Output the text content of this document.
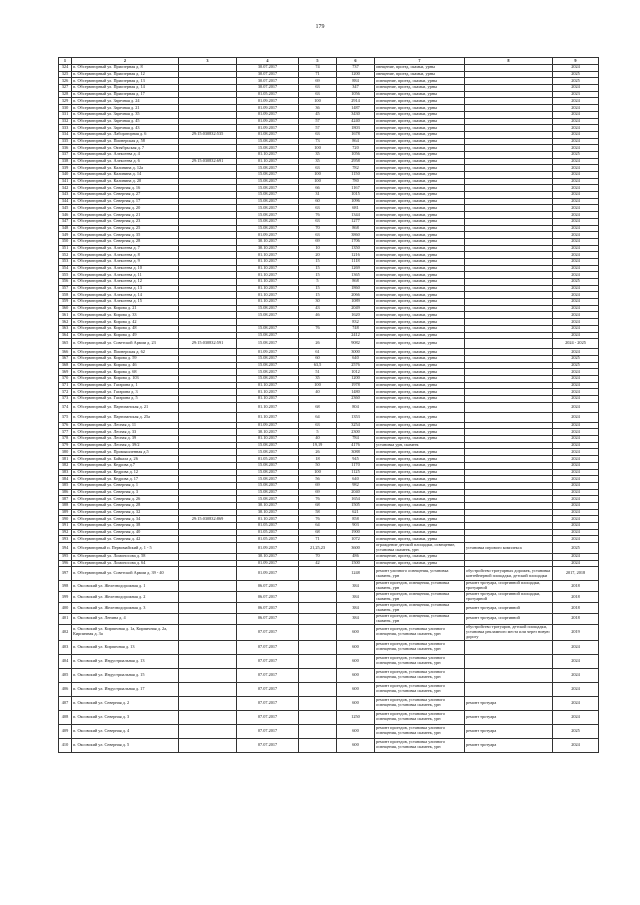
179
1	2	3	4	5	6	7	8	9
324	п. Обсерваторный ул. Приозерная д. 8		30.07.2017	74	737	овещение, проезд, скамьи, урны		2024
325	п. Обсерваторный ул. Приозерная д. 12		30.07.2017	71	1200	овещение, проезд, скамьи, урны		2025
326	п. Обсерваторный ул. Приозерная д. 13		30.07.2017	69	884	освещение, проезд, скамьи, урны		2025
327	п. Обсерваторный ул. Приозерная д. 14		30.07.2017	63	347	освещение, проезд, скамьи, урны		2024
328	п. Обсерваторный ул. Приозерная д. 17		01.05.2017	63	1056	освещение, проезд, скамьи, урны		2023
329	п. Обсерваторный ул. Заречная д. 24		01.09.2017	100	2914	освещение, проезд, скамьи, урны		2024
330	п. Обсерваторный ул. Заречная д. 21		01.09.2017	36	1487	освещение, проезд, скамьи, урны		2024
331	п. Обсерваторный ул. Заречная д. 35		01.09.2017	45	3430	освещение, проезд, скамьи, урны		2024
332	п. Обсерваторный ул. Заречная д. 45		01.09.2017	57	4240	освещение, проезд, скамьи, урны		2024
333	п. Обсерваторный ул. Заречная д. 43		01.09.2017	57	1803	освещение, проезд, скамьи, урны		2024
334	п. Обсерваторный ул. Лабораторная д. 6	29:15:030832:535	01.08.2017	63	1678	освещение, проезд, скамьи, урны		2024
335	п. Обсерваторный ул. Пионерская д. 58		15.08.2017	73	864	освещение, проезд, скамьи, урны		2024
336	п. Обсерваторный ул. Октябрьская д. 7		15.08.2017	100	720	освещение, проезд, скамьи, урны		2024
337	п. Обсерваторный ул. Алексеева д. 4		01.10.2017	35	1056	освещение, проезд, скамьи, урны		2025
338	п. Обсерваторный ул. Алексеева д. 6	29:15:030832:691	01.10.2017	35	2958	освещение, проезд, скамьи, урны		2024
339	п. Обсерваторный ул. Калинина д. 12а		15.08.2017	63	782	освещение, проезд, скамьи, урны		2024
340	п. Обсерваторный ул. Калинина д. 14		15.08.2017	100	1150	освещение, проезд, скамьи, урны		2024
341	п. Обсерваторный ул. Калинина д. 20		15.08.2017	100	780	освещение, проезд, скамьи, урны		2024
342	п. Обсерваторный ул. Северная д. 16		15.08.2017	66	1167	освещение, проезд, скамьи, урны		2024
343	п. Обсерваторный ул. Северная д. 27		15.08.2017	31	1015	освещение, проезд, скамьи, урны		2024
344	п. Обсерваторный ул. Северная д. 17		15.08.2017	60	1096	освещение, проезд, скамьи, урны		2024
345	п. Обсерваторный ул. Северная д. 20		15.08.2017	63	681	освещение, проезд, скамьи, урны		2024
346	п. Обсерваторный ул. Северная д. 21		15.08.2017	76	1344	освещение, проезд, скамьи, урны		2024
347	п. Обсерваторный ул. Северная д. 23		15.08.2017	63	1277	освещение, проезд, скамьи, урны		2024
348	п. Обсерваторный ул. Северная д. 25		15.08.2017	70	868	освещение, проезд, скамьи, урны		2024
349	п. Обсерваторный ул. Северная д. 35		01.09.2017	63	3860	освещение, проезд, скамьи, урны		2024
350	п. Обсерваторный ул. Северная д. 28		30.10.2017	69	1706	освещение, проезд, скамьи, урны		2024
351	п. Обсерваторный ул. Алексеева д. 7		30.10.2017	10	1350	освещение, проезд, скамьи, урны		2024
352	п. Обсерваторный ул. Алексеева д. 8		01.10.2017	20	1216	освещение, проезд, скамьи, урны		2024
353	п. Обсерваторный ул. Алексеева д. 9		01.10.2017	15	1118	освещение, проезд, скамьи, урны		2024
354	п. Обсерваторный ул. Алексеева д. 10		01.10.2017	15	1269	освещение, проезд, скамьи, урны		2024
355	п. Обсерваторный ул. Алексеева д. 11		01.10.2017	15	1365	освещение, проезд, скамьи, урны		2024
356	п. Обсерваторный ул. Алексеева д. 12		01.10.2017	5	868	освещение, проезд, скамьи, урны		2025
357	п. Обсерваторный ул. Алексеева д. 13		01.10.2017	15	1860	освещение, проезд, скамьи, урны		2024
358	п. Обсерваторный ул. Алексеева д. 14		01.10.2017	15	2066	освещение, проезд, скамьи, урны		2024
359	п. Обсерваторный ул. Алексеева д. 15		01.10.2017	30	1089	освещение, проезд, скамьи, урны		2024
360	п. Обсерваторный ул. Кирова д. 21		15.08.2017	43	2049	освещение, проезд, скамьи, урны		2024
361	п. Обсерваторный ул. Кирова д. 33		15.08.2017	46	1620	освещение, проезд, скамьи, урны		2024
362	п. Обсерваторный ул. Кирова д. 42				832	освещение, проезд, скамьи, урны		2024
363	п. Обсерваторный ул. Кирова д. 48		15.08.2017	76	748	освещение, проезд, скамьи, урны		2024
364	п. Обсерваторный ул. Кирова д. 49		15.08.2017		2412	освещение, проезд, скамьи, урны		2024
365	п. Обсерваторный ул. Советской Армии д. 23	29:15:030832:591	15.08.2017	26	9082	освещение, проезд, скамьи, урны		2024 - 2025
366	п. Обсерваторный ул. Пионерская д. 62		01.09.2017	61	3000	освещение, проезд, скамьи, урны		2024
367	п. Обсерваторный ул. Кирова д. 59		15.08.2017	60	640	освещение, проезд, скамьи, урны		2025
368	п. Обсерваторный ул. Кирова д. 46		15.08.2017	63,5	2576	освещение, проезд, скамьи, урны		2025
369	п. Обсерваторный ул. Кирова д. 68		15.08.2017	51	1012	освещение, проезд, скамьи, урны		2024
370	п. Обсерваторный ул. Кирова д. 103		15.08.2017	35	1200	освещение, проезд, скамьи, урны		2024
371	п. Обсерваторный ул. Гагарина д. 1		01.10.2017	100	1978	освещение, проезд, скамьи, урны		2024
372	п. Обсерваторный ул. Гагарина д. 3		01.10.2017	40	1480	освещение, проезд, скамьи, урны		2024
373	п. Обсерваторный ул. Гагарина д. 5		01.10.2017		2360	освещение, проезд, скамьи, урны		2024
374	п. Обсерваторный ул. Партизанская д. 21		01.10.2017	68	804	освещение, проезд, скамьи, урны		2024
375	п. Обсерваторный ул. Партизанская д. 25а		01.10.2017	64	1353	освещение, проезд, скамьи, урны		2024
376	п. Обсерваторный ул. Лесная д. 11		01.09.2017	63	3254	освещение, проезд, скамьи, урны		2024
377	п. Обсерваторный ул. Лесная д. 33		30.10.2017	5	2300	освещение, проезд, скамьи, урны		2024
378	п. Обсерваторный ул. Лесная д. 39		01.10.2017	40	784	освещение, проезд, скамьи, урны		2024
379	п. Обсерваторный ул. Лесная д. 39/2		15.08.2017	19,19	4176	установка урн, скамеек		2024
380	п. Обсерваторный ул. Промышленная д.5		15.08.2017	26	3088	освещение, проезд, скамьи, урны		2024
381	п. Обсерваторный ул. Байкала д. 26		01.05.2017	18	945	освещение, проезд, скамьи, урны		2024
382	п. Обсерваторный ул. Кедрова д.7		15.08.2017	50	1170	освещение, проезд, скамьи, урны		2024
383	п. Обсерваторный ул. Кедрова д. 12		15.08.2017	100	1125	освещение, проезд, скамьи, урны		2024
384	п. Обсерваторный ул. Кедрова д. 17		15.08.2017	56	640	освещение, проезд, скамьи, урны		2024
385	п. Обсерваторный ул. Северная д. 1		15.08.2017	69	982	освещение, проезд, скамьи, урны		2024
386	п. Обсерваторный ул. Северная д. 3		15.08.2017	69	2040	освещение, проезд, скамьи, урны		2024
387	п. Обсерваторный ул. Северная д. 26		15.08.2017	76	1654	освещение, проезд, скамьи, урны		2024
388	п. Обсерваторный ул. Северная д. 28		30.10.2017	68	1505	освещение, проезд, скамьи, урны		2024
389	п. Обсерваторный ул. Северная д. 32		30.10.2017	58	621	освещение, проезд, скамьи, урны		2024
390	п. Обсерваторный ул. Северная д. 34	29:15:030832:869	01.10.2017	76	858	освещение, проезд, скамьи, урны		2024
391	п. Обсерваторный ул. Северная д. 38		01.05.2017	64	903	освещение, проезд, скамьи, урны		2024
392	п. Обсерваторный ул. Северная д. 40		01.05.2017	68	1900	освещение, проезд, скамьи, урны		2024
393	п. Обсерваторный ул. Северная д. 42		01.05.2017	71	1072	освещение, проезд, скамьи, урны		2024
394	п. Обсерваторный п. Первомайский д. 1 - 5		01.09.2017	21,25,23	3600	ограждение детской площадки, освещение, установка скамеек, урн	установка игрового комплекса	2025
395	п. Обсерваторный ул. Ломоносова д. 58		30.10.2017	70	486	освещение, проезд, скамьи, урны		2024
396	п. Обсерваторный ул. Ломоносова д. 64		01.09.2017	42	1500	освещение, проезд, скамьи, урны		2024
397	п. Обсерваторный ул. Советской Армии д. 39 - 40		01.09.2017		1248	ремонт уличного освещения, установка скамеек, урн	обустройство тротуарных дорожек, установка контейнерной площадки, детский площадки	2017, 2018
398	п. Оксовский ул. Железнодорожная д. 1		06.07.2017		384	ремонт проездов, освещения, установка скамеек, урн	ремонт тротуара, спортивной площадки, тротуарной	2018
399	п. Оксовский ул. Железнодорожная д. 2		06.07.2017		384	ремонт проездов, освещения, установка скамеек, урн	ремонт тротуара, спортивной площадки, тротуарной	2018
400	п. Оксовский ул. Железнодорожная д. 3		06.07.2017		384	ремонт проездов, освещения, установка скамеек, урн	ремонт тротуара, спортивной	2018
401	п. Оксовский ул. Ленина д. 4		06.07.2017		384	ремонт проездов, освещения, установка скамеек, урн	ремонт тротуара, спортивной	2018
402	п. Оксовский ул. Кирпичная д. 1а, Кирпичная д. 2а, Кирпичная д. 3а		07.07.2017		600	ремонт проездов, установка уличного освещения, установка скамеек, урн	обустройство тротуаров, детской площадки, установка рекламного места или через новую дорогу	2019
403	п. Оксовский ул. Кирпичная д. 13		07.07.2017		600	ремонт проездов, установка уличного освещения, установка скамеек, урн		2024
404	п. Оксовский ул. Индустриальная д. 13		07.07.2017		600	ремонт проездов, установка уличного освещения, установка скамеек, урн		2024
405	п. Оксовский ул. Индустриальная д. 15		07.07.2017		600	ремонт проездов, установка уличного освещения, установка скамеек, урн		2024
406	п. Оксовский ул. Индустриальная д. 17		07.07.2017		600	ремонт проездов, установка уличного освещения, установка скамеек, урн		2024
407	п. Оксовский ул. Северная д. 2		07.07.2017		600	ремонт проездов, установка уличного освещения, установка скамеек, урн	ремонт тротуара	2024
408	п. Оксовский ул. Северная д. 3		07.07.2017		1250	ремонт проездов, установка уличного освещения, установка скамеек, урн	ремонт тротуара	2024
409	п. Оксовский ул. Северная д. 4		07.07.2017		600	ремонт проездов, установка уличного освещения, установка скамеек, урн	ремонт тротуара	2025
410	п. Оксовский ул. Северная д. 5		07.07.2017		600	ремонт проездов, установка уличного освещения, установка скамеек, урн	ремонт тротуара	2024
